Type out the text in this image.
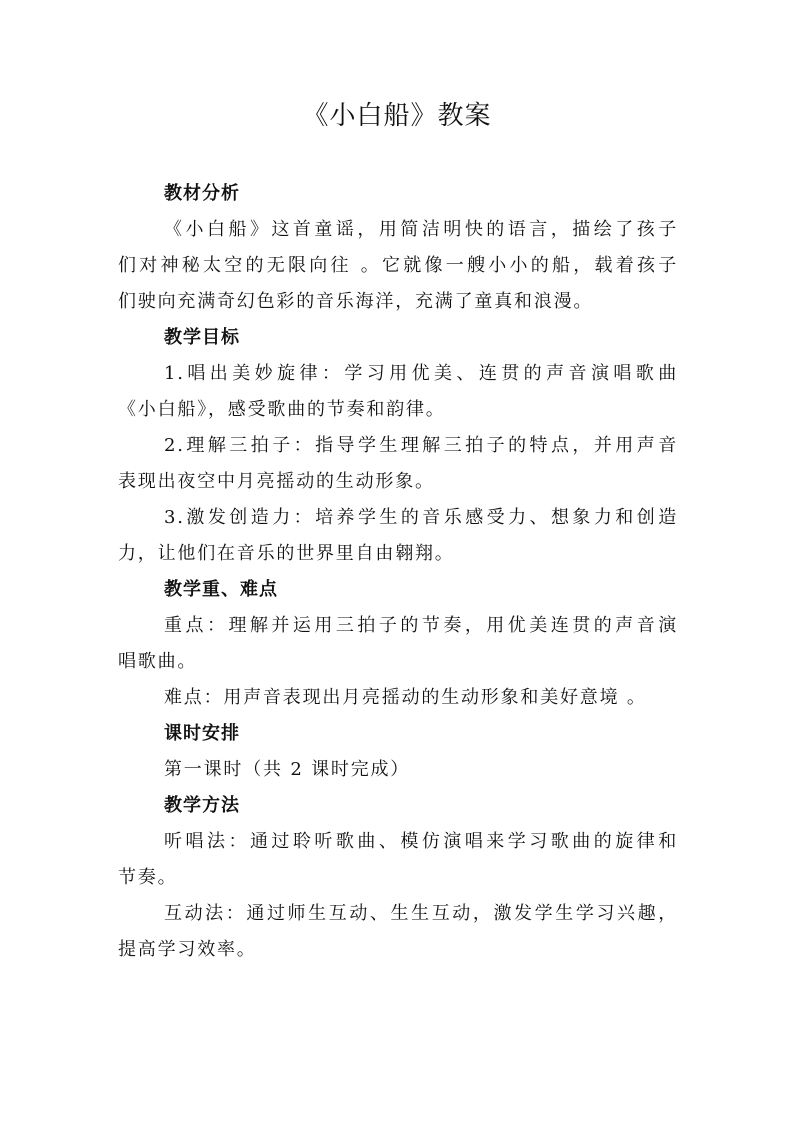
《小白船》教案
教材分析
《小白船》这首童谣，用简洁明快的语言，描绘了孩子
们对神秘太空的无限向往 。它就像一艘小小的船，载着孩子
们驶向充满奇幻色彩的音乐海洋，充满了童真和浪漫。
教学目标
1.唱出美妙旋律：学习用优美、连贯的声音演唱歌曲
《小白船》，感受歌曲的节奏和韵律。
2.理解三拍子：指导学生理解三拍子的特点，并用声音
表现出夜空中月亮摇动的生动形象。
3.激发创造力：培养学生的音乐感受力、想象力和创造
力，让他们在音乐的世界里自由翱翔。
教学重、难点
重点：理解并运用三拍子的节奏，用优美连贯的声音演
唱歌曲。
难点：用声音表现出月亮摇动的生动形象和美好意境 。
课时安排
第一课时（共 2 课时完成）
教学方法
听唱法：通过聆听歌曲、模仿演唱来学习歌曲的旋律和
节奏。
互动法：通过师生互动、生生互动，激发学生学习兴趣，
提高学习效率。
